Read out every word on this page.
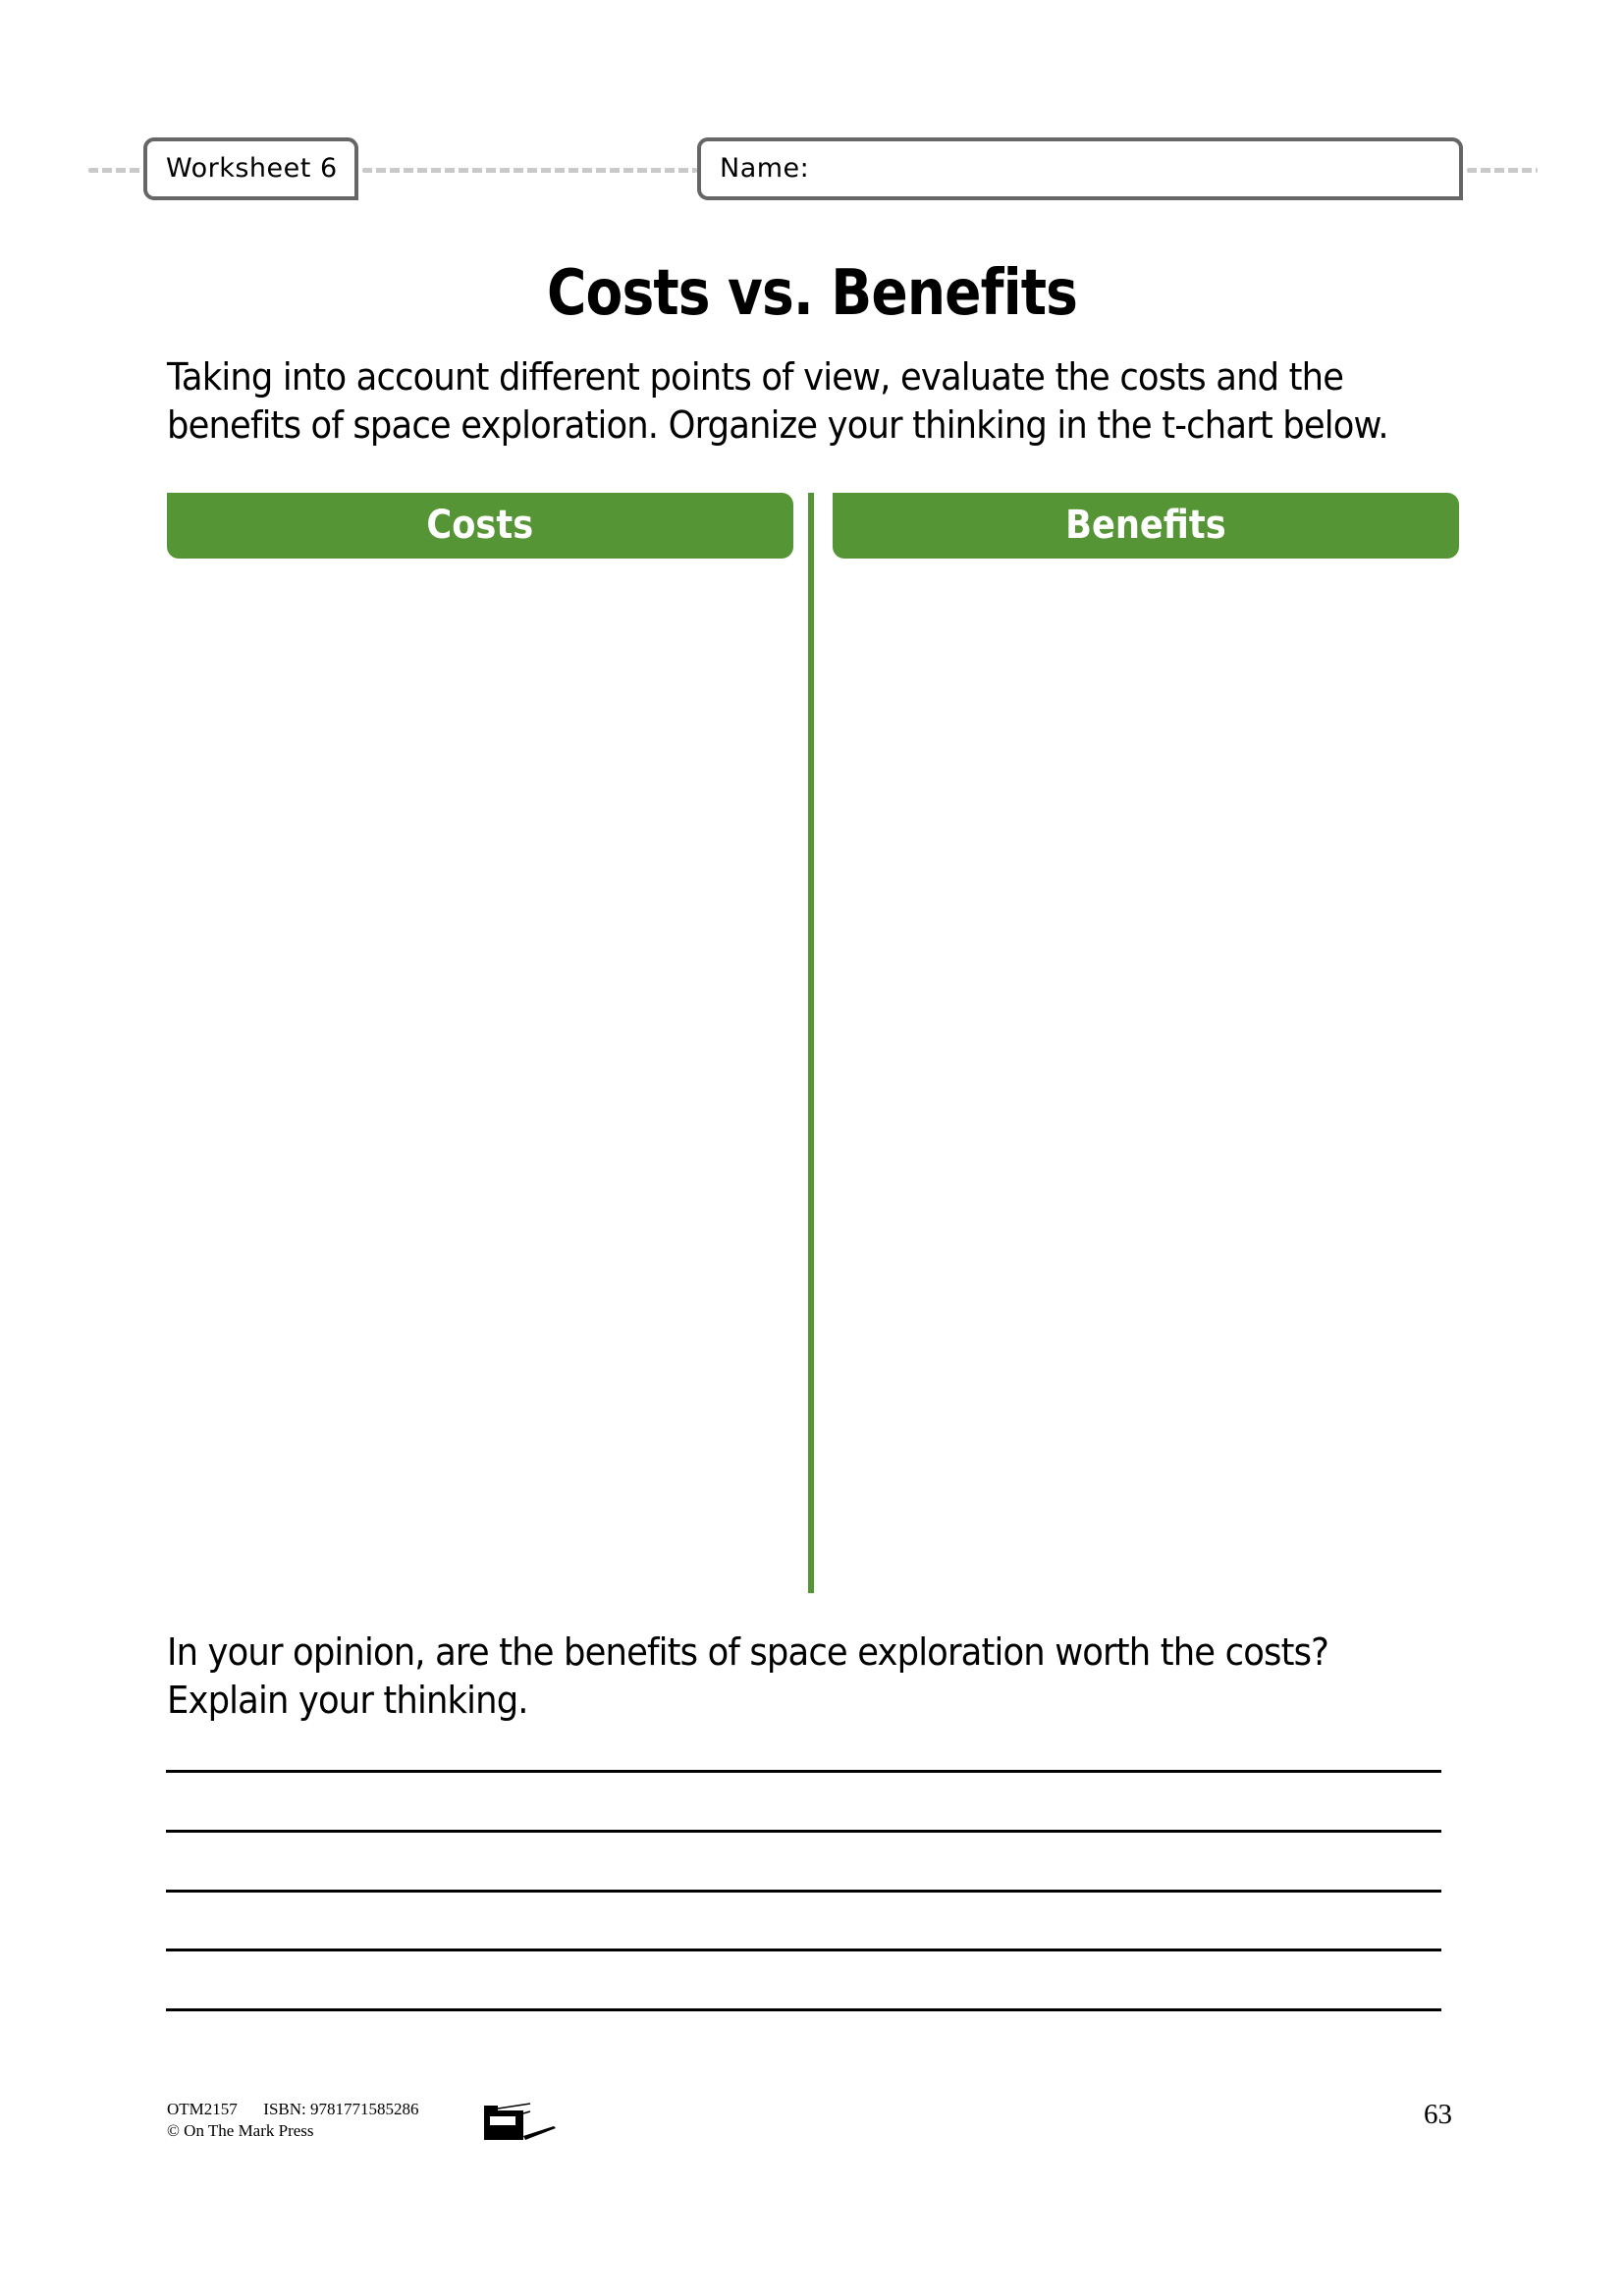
Worksheet 6	Name:
Costs vs. Benefits
Taking into account different points of view, evaluate the costs and the
benefits of space exploration. Organize your thinking in the t-chart below.
Costs	Benefits
In your opinion, are the benefits of space exploration worth the costs?
Explain your thinking.
OTM2157 ISBN: 9781771585286
© On The Mark Press
63
